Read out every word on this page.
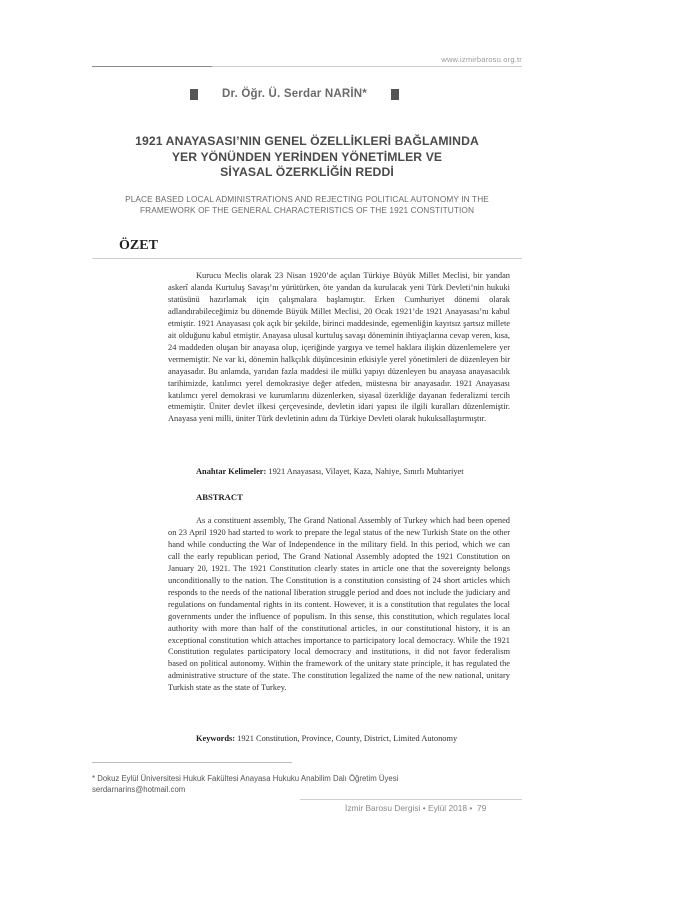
www.izmirbarosu.org.tr
Dr. Öğr. Ü. Serdar NARİN*
1921 ANAYASASI’NIN GENEL ÖZELLİKLERİ BAĞLAMINDA
YER YÖNÜNDEN YERİNDEN YÖNETİMLER VE
SİYASAL ÖZERKLİĞİN REDDİ
PLACE BASED LOCAL ADMINISTRATIONS AND REJECTING POLITICAL AUTONOMY IN THE
FRAMEWORK OF THE GENERAL CHARACTERISTICS OF THE 1921 CONSTITUTION
ÖZET
Kurucu Meclis olarak 23 Nisan 1920’de açılan Türkiye Büyük Millet Meclisi, bir yandan askerî alanda Kurtuluş Savaşı’nı yürütürken, öte yandan da kurulacak yeni Türk Devleti’nin hukuki statüsünü hazırlamak için çalışmalara başlamıştır. Erken Cumhuriyet dönemi olarak adlandırabileceğimiz bu dönemde Büyük Millet Meclisi, 20 Ocak 1921’de 1921 Anayasası’nı kabul etmiştir. 1921 Anayasası çok açık bir şekilde, birinci maddesinde, egemenliğin kayıtsız şartsız millete ait olduğunu kabul etmiştir. Anayasa ulusal kurtuluş savaşı döneminin ihtiyaçlarına cevap veren, kısa, 24 maddeden oluşan bir anayasa olup, içeriğinde yargıya ve temel haklara ilişkin düzenlemelere yer vermemiştir. Ne var ki, dönemin halkçılık düşüncesinin etkisiyle yerel yönetimleri de düzenleyen bir anayasadır. Bu anlamda, yarıdan fazla maddesi ile mülki yapıyı düzenleyen bu anayasa anayasacılık tarihimizde, katılımcı yerel demokrasiye değer atfeden, müstesna bir anayasadır. 1921 Anayasası katılımcı yerel demokrasi ve kurumlarını düzenlerken, siyasal özerkliğe dayanan federalizmi tercih etmemiştir. Üniter devlet ilkesi çerçevesinde, devletin idari yapısı ile ilgili kuralları düzenlemiştir. Anayasa yeni milli, üniter Türk devletinin adını da Türkiye Devleti olarak hukuksallaştırmıştır.
Anahtar Kelimeler: 1921 Anayasası, Vilayet, Kaza, Nahiye, Sınırlı Muhtariyet
ABSTRACT
As a constituent assembly, The Grand National Assembly of Turkey which had been opened on 23 April 1920 had started to work to prepare the legal status of the new Turkish State on the other hand while conducting the War of Independence in the military field. In this period, which we can call the early republican period, The Grand National Assembly adopted the 1921 Constitution on January 20, 1921. The 1921 Constitution clearly states in article one that the sovereignty belongs unconditionally to the nation. The Constitution is a constitution consisting of 24 short articles which responds to the needs of the national liberation struggle period and does not include the judiciary and regulations on fundamental rights in its content. However, it is a constitution that regulates the local governments under the influence of populism. In this sense, this constitution, which regulates local authority with more than half of the constitutional articles, in our constitutional history, it is an exceptional constitution which attaches importance to participatory local democracy. While the 1921 Constitution regulates participatory local democracy and institutions, it did not favor federalism based on political autonomy. Within the framework of the unitary state principle, it has regulated the administrative structure of the state. The constitution legalized the name of the new national, unitary Turkish state as the state of Turkey.
Keywords: 1921 Constitution, Province, County, District, Limited Autonomy
* Dokuz Eylül Üniversitesi Hukuk Fakültesi Anayasa Hukuku Anabilim Dalı Öğretim Üyesi
serdarnarins@hotmail.com
İzmir Barosu Dergisi • Eylül 2018 • 79
